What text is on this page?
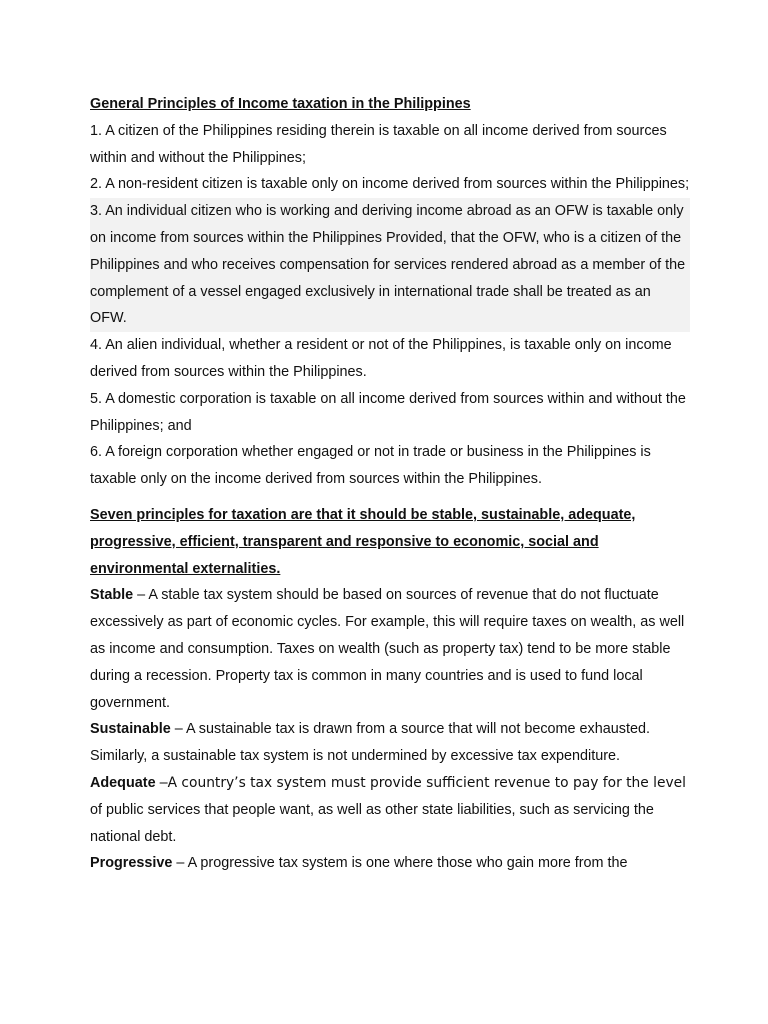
General Principles of Income taxation in the Philippines

1. A citizen of the Philippines residing therein is taxable on all income derived from sources within and without the Philippines;

2. A non-resident citizen is taxable only on income derived from sources within the Philippines;

3. An individual citizen who is working and deriving income abroad as an OFW is taxable only on income from sources within the Philippines Provided, that the OFW, who is a citizen of the Philippines and who receives compensation for services rendered abroad as a member of the complement of a vessel engaged exclusively in international trade shall be treated as an OFW.

4. An alien individual, whether a resident or not of the Philippines, is taxable only on income derived from sources within the Philippines.

5. A domestic corporation is taxable on all income derived from sources within and without the Philippines; and

6. A foreign corporation whether engaged or not in trade or business in the Philippines is taxable only on the income derived from sources within the Philippines.

Seven principles for taxation are that it should be stable, sustainable, adequate, progressive, efficient, transparent and responsive to economic, social and environmental externalities.

Stable – A stable tax system should be based on sources of revenue that do not fluctuate excessively as part of economic cycles. For example, this will require taxes on wealth, as well as income and consumption. Taxes on wealth (such as property tax) tend to be more stable during a recession. Property tax is common in many countries and is used to fund local government.

Sustainable – A sustainable tax is drawn from a source that will not become exhausted. Similarly, a sustainable tax system is not undermined by excessive tax expenditure.

Adequate –A country’s tax system must provide sufficient revenue to pay for the level of public services that people want, as well as other state liabilities, such as servicing the national debt.

Progressive – A progressive tax system is one where those who gain more from the
